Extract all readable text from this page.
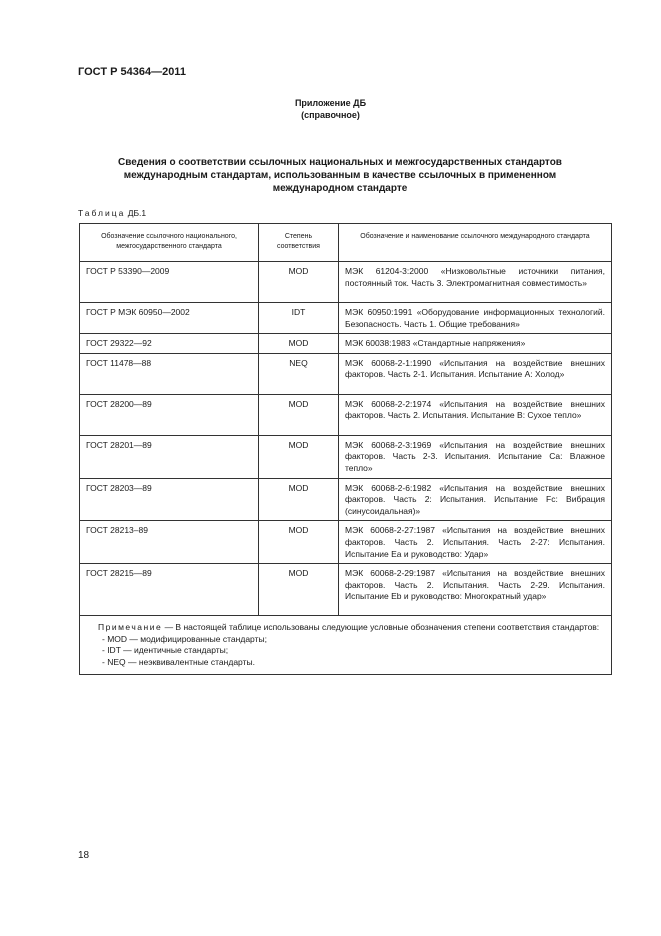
ГОСТ Р 54364—2011
Приложение ДБ
(справочное)
Сведения о соответствии ссылочных национальных и межгосударственных стандартов
международным стандартам, использованным в качестве ссылочных в примененном
международном стандарте
Таблица ДБ.1
Обозначение ссылочного национального, межгосударственного стандарта	Степень соответствия	Обозначение и наименование ссылочного международного стандарта
ГОСТ Р 53390—2009	MOD	МЭК 61204-3:2000 «Низковольтные источники питания, постоянный ток. Часть 3. Электромагнитная совместимость»
ГОСТ Р МЭК 60950—2002	IDT	МЭК 60950:1991 «Оборудование информационных технологий. Безопасность. Часть 1. Общие требования»
ГОСТ 29322—92	MOD	МЭК 60038:1983 «Стандартные напряжения»
ГОСТ 11478—88	NEQ	МЭК 60068-2-1:1990 «Испытания на воздействие внешних факторов. Часть 2-1. Испытания. Испытание А: Холод»
ГОСТ 28200—89	MOD	МЭК 60068-2-2:1974 «Испытания на воздействие внешних факторов. Часть 2. Испытания. Испытание В: Сухое тепло»
ГОСТ 28201—89	MOD	МЭК 60068-2-3:1969 «Испытания на воздействие внешних факторов. Часть 2-3. Испытания. Испытание Са: Влажное тепло»
ГОСТ 28203—89	MOD	МЭК 60068-2-6:1982 «Испытания на воздействие внешних факторов. Часть 2: Испытания. Испытание Fc: Вибрация (синусоидальная)»
ГОСТ 28213–89	MOD	МЭК 60068-2-27:1987 «Испытания на воздействие внешних факторов. Часть 2. Испытания. Часть 2-27: Испытания. Испытание Еа и руководство: Удар»
ГОСТ 28215—89	MOD	МЭК 60068-2-29:1987 «Испытания на воздействие внешних факторов. Часть 2. Испытания. Часть 2-29. Испытания. Испытание Eb и руководство: Многократный удар»

Примечание — В настоящей таблице использованы следующие условные обозначения степени соответствия стандартов:
- MOD — модифицированные стандарты;
- IDT — идентичные стандарты;
- NEQ — неэквивалентные стандарты.		
18
